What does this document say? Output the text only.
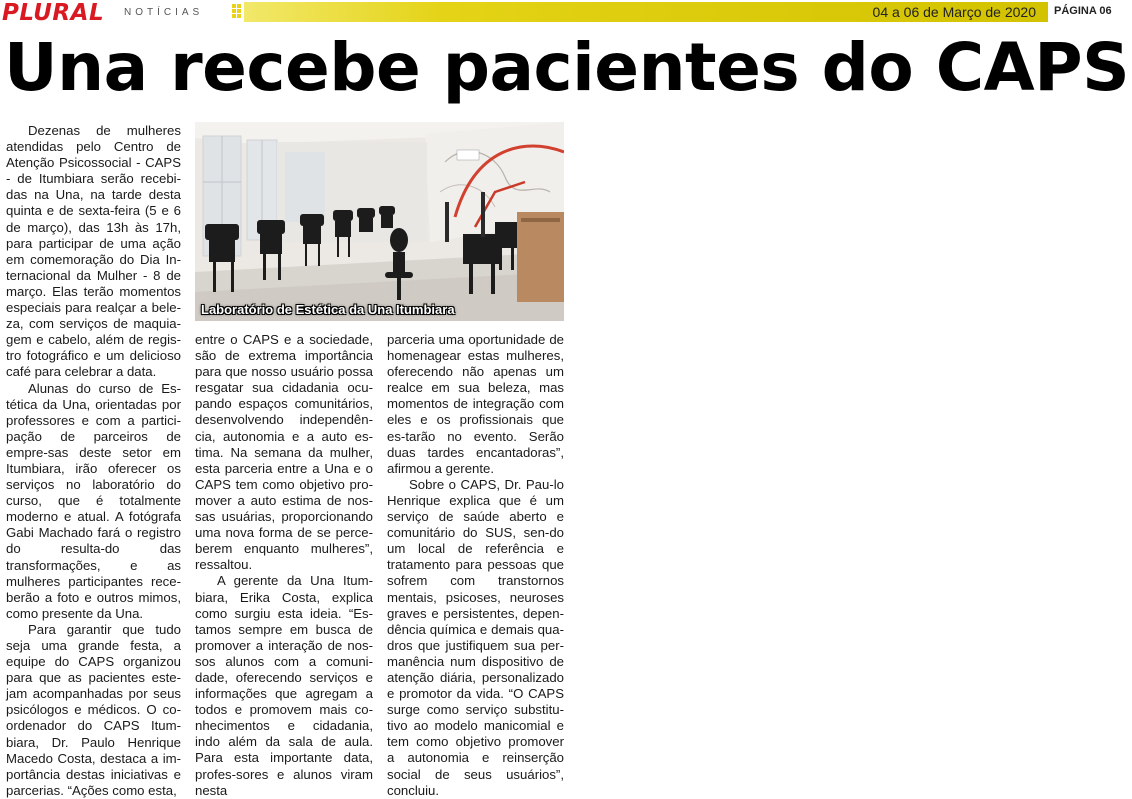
PLURAL NOTÍCIAS	04 a 06 de Março de 2020 PÁGINA 06
Una recebe pacientes do CAPS

Dezenas de mulheres atendidas pelo Centro de Atenção Psicossocial - CAPS - de Itumbiara serão recebi-das na Una, na tarde desta quinta e de sexta-feira (5 e 6 de março), das 13h às 17h, para participar de uma ação em comemoração do Dia In-ternacional da Mulher - 8 de março. Elas terão momentos especiais para realçar a bele-za, com serviços de maquia-gem e cabelo, além de regis-tro fotográfico e um delicioso café para celebrar a data.

Alunas do curso de Es-tética da Una, orientadas por professores e com a partici-pação de parceiros de empre-sas deste setor em Itumbiara, irão oferecer os serviços no laboratório do curso, que é totalmente moderno e atual. A fotógrafa Gabi Machado fará o registro do resulta-do das transformações, e as mulheres participantes rece-berão a foto e outros mimos, como presente da Una.

Para garantir que tudo seja uma grande festa, a equipe do CAPS organizou para que as pacientes este-jam acompanhadas por seus psicólogos e médicos. O co-ordenador do CAPS Itum-biara, Dr. Paulo Henrique Macedo Costa, destaca a im-portância destas iniciativas e parcerias. “Ações como esta,

Laboratório de Estética da Una Itumbiara

entre o CAPS e a sociedade, são de extrema importância para que nosso usuário possa resgatar sua cidadania ocu-pando espaços comunitários, desenvolvendo independên-cia, autonomia e a auto es-tima. Na semana da mulher, esta parceria entre a Una e o CAPS tem como objetivo pro-mover a auto estima de nos-sas usuárias, proporcionando uma nova forma de se perce-berem enquanto mulheres”, ressaltou.

A gerente da Una Itum-biara, Erika Costa, explica como surgiu esta ideia. “Es-tamos sempre em busca de promover a interação de nos-sos alunos com a comuni-dade, oferecendo serviços e informações que agregam a todos e promovem mais co-nhecimentos e cidadania, indo além da sala de aula. Para esta importante data, profes-sores e alunos viram nesta

parceria uma oportunidade de homenagear estas mulheres, oferecendo não apenas um realce em sua beleza, mas momentos de integração com eles e os profissionais que es-tarão no evento. Serão duas tardes encantadoras”, afirmou a gerente.

Sobre o CAPS, Dr. Pau-lo Henrique explica que é um serviço de saúde aberto e comunitário do SUS, sen-do um local de referência e tratamento para pessoas que sofrem com transtornos mentais, psicoses, neuroses graves e persistentes, depen-dência química e demais qua-dros que justifiquem sua per-manência num dispositivo de atenção diária, personalizado e promotor da vida. “O CAPS surge como serviço substitu-tivo ao modelo manicomial e tem como objetivo promover a autonomia e reinserção social de seus usuários”, concluiu.
